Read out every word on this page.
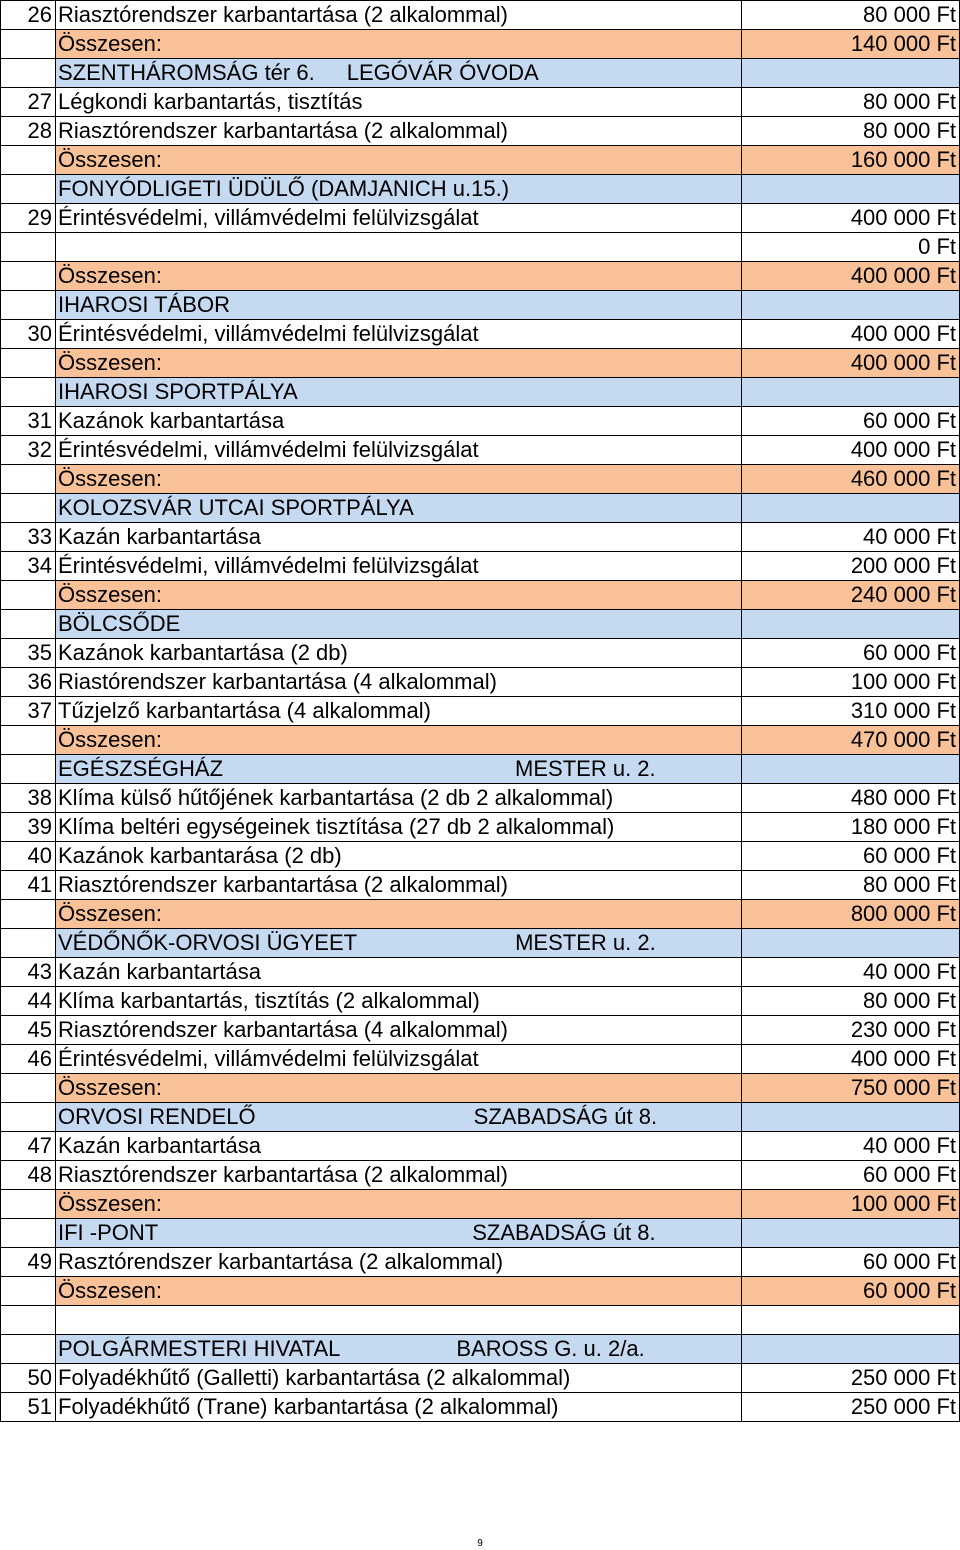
26	Riasztórendszer karbantartása (2 alkalommal)	80 000 Ft
	Összesen:	140 000 Ft
	SZENTHÁROMSÁG tér 6. LEGÓVÁR ÓVODA	
27	Légkondi karbantartás, tisztítás	80 000 Ft
28	Riasztórendszer karbantartása (2 alkalommal)	80 000 Ft
	Összesen:	160 000 Ft
	FONYÓDLIGETI ÜDÜLŐ (DAMJANICH u.15.)	
29	Érintésvédelmi, villámvédelmi felülvizsgálat	400 000 Ft
		0 Ft
	Összesen:	400 000 Ft
	IHAROSI TÁBOR	
30	Érintésvédelmi, villámvédelmi felülvizsgálat	400 000 Ft
	Összesen:	400 000 Ft
	IHAROSI SPORTPÁLYA	
31	Kazánok karbantartása	60 000 Ft
32	Érintésvédelmi, villámvédelmi felülvizsgálat	400 000 Ft
	Összesen:	460 000 Ft
	KOLOZSVÁR UTCAI SPORTPÁLYA	
33	Kazán karbantartása	40 000 Ft
34	Érintésvédelmi, villámvédelmi felülvizsgálat	200 000 Ft
	Összesen:	240 000 Ft
	BÖLCSŐDE	
35	Kazánok karbantartása (2 db)	60 000 Ft
36	Riastórendszer karbantartása (4 alkalommal)	100 000 Ft
37	Tűzjelző karbantartása (4 alkalommal)	310 000 Ft
	Összesen:	470 000 Ft
	EGÉSZSÉGHÁZ MESTER u. 2.	
38	Klíma külső hűtőjének karbantartása (2 db 2 alkalommal)	480 000 Ft
39	Klíma beltéri egységeinek tisztítása (27 db 2 alkalommal)	180 000 Ft
40	Kazánok karbantarása (2 db)	60 000 Ft
41	Riasztórendszer karbantartása (2 alkalommal)	80 000 Ft
	Összesen:	800 000 Ft
	VÉDŐNŐK-ORVOSI ÜGYEET MESTER u. 2.	
43	Kazán karbantartása	40 000 Ft
44	Klíma karbantartás, tisztítás (2 alkalommal)	80 000 Ft
45	Riasztórendszer karbantartása (4 alkalommal)	230 000 Ft
46	Érintésvédelmi, villámvédelmi felülvizsgálat	400 000 Ft
	Összesen:	750 000 Ft
	ORVOSI RENDELŐ SZABADSÁG út 8.	
47	Kazán karbantartása	40 000 Ft
48	Riasztórendszer karbantartása (2 alkalommal)	60 000 Ft
	Összesen:	100 000 Ft
	IFI -PONT SZABADSÁG út 8.	
49	Rasztórendszer karbantartása (2 alkalommal)	60 000 Ft
	Összesen:	60 000 Ft

	POLGÁRMESTERI HIVATAL BAROSS G. u. 2/a.	
50	Folyadékhűtő (Galletti) karbantartása (2 alkalommal)	250 000 Ft
51	Folyadékhűtő (Trane) karbantartása (2 alkalommal)	250 000 Ft
9
